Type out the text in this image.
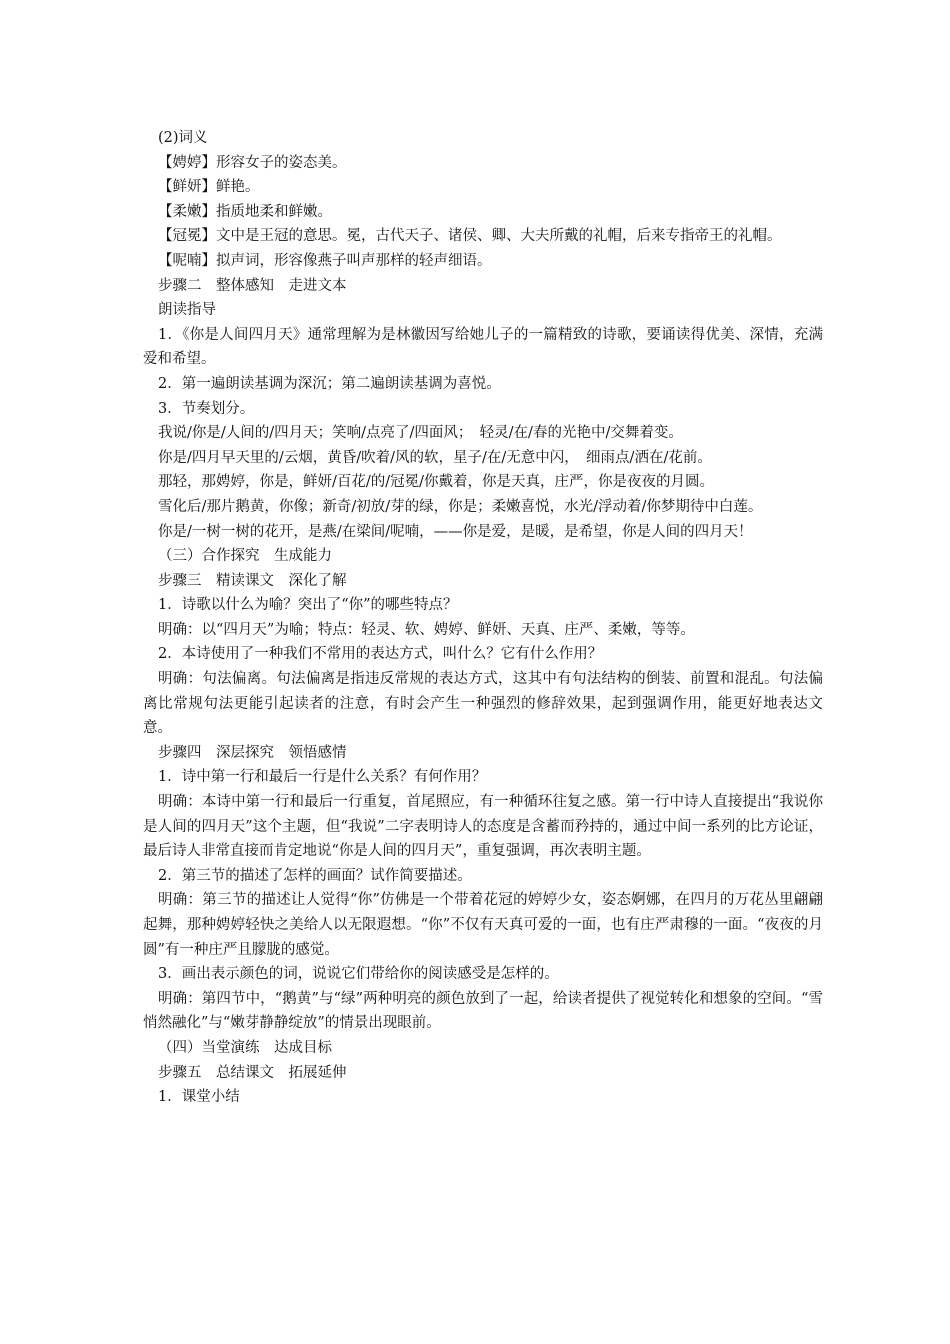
(2)词义
【娉婷】形容女子的姿态美。
【鲜妍】鲜艳。
【柔嫩】指质地柔和鲜嫩。
【冠冕】文中是王冠的意思。冕，古代天子、诸侯、卿、大夫所戴的礼帽，后来专指帝王的礼帽。
【呢喃】拟声词，形容像燕子叫声那样的轻声细语。
步骤二　整体感知　走进文本
朗读指导
1．《你是人间四月天》通常理解为是林徽因写给她儿子的一篇精致的诗歌，要诵读得优美、深情，充满爱和希望。
2．第一遍朗读基调为深沉；第二遍朗读基调为喜悦。
3．节奏划分。
我说/你是/人间的/四月天；笑响/点亮了/四面风；　轻灵/在/春的光艳中/交舞着变。
你是/四月早天里的/云烟，黄昏/吹着/风的软，星子/在/无意中闪，　细雨点/洒在/花前。
那轻，那娉婷，你是，鲜妍/百花/的/冠冕/你戴着，你是天真，庄严，你是夜夜的月圆。
雪化后/那片鹅黄，你像；新奇/初放/芽的绿，你是；柔嫩喜悦，水光/浮动着/你梦期待中白莲。
你是/一树一树的花开，是燕/在梁间/呢喃，——你是爱，是暖，是希望，你是人间的四月天！
（三）合作探究　生成能力
步骤三　精读课文　深化了解
1．诗歌以什么为喻？突出了“你”的哪些特点？
明确：以“四月天”为喻；特点：轻灵、软、娉婷、鲜妍、天真、庄严、柔嫩，等等。
2．本诗使用了一种我们不常用的表达方式，叫什么？它有什么作用？
明确：句法偏离。句法偏离是指违反常规的表达方式，这其中有句法结构的倒装、前置和混乱。句法偏离比常规句法更能引起读者的注意，有时会产生一种强烈的修辞效果，起到强调作用，能更好地表达文意。
步骤四　深层探究　领悟感情
1．诗中第一行和最后一行是什么关系？有何作用？
明确：本诗中第一行和最后一行重复，首尾照应，有一种循环往复之感。第一行中诗人直接提出“我说你是人间的四月天”这个主题，但“我说”二字表明诗人的态度是含蓄而矜持的，通过中间一系列的比方论证，最后诗人非常直接而肯定地说“你是人间的四月天”，重复强调，再次表明主题。
2．第三节的描述了怎样的画面？试作简要描述。
明确：第三节的描述让人觉得“你”仿佛是一个带着花冠的婷婷少女，姿态婀娜，在四月的万花丛里翩翩起舞，那种娉婷轻快之美给人以无限遐想。“你”不仅有天真可爱的一面，也有庄严肃穆的一面。“夜夜的月圆”有一种庄严且朦胧的感觉。
3．画出表示颜色的词，说说它们带给你的阅读感受是怎样的。
明确：第四节中，“鹅黄”与“绿”两种明亮的颜色放到了一起，给读者提供了视觉转化和想象的空间。“雪悄然融化”与“嫩芽静静绽放”的情景出现眼前。
（四）当堂演练　达成目标
步骤五　总结课文　拓展延伸
1．课堂小结
